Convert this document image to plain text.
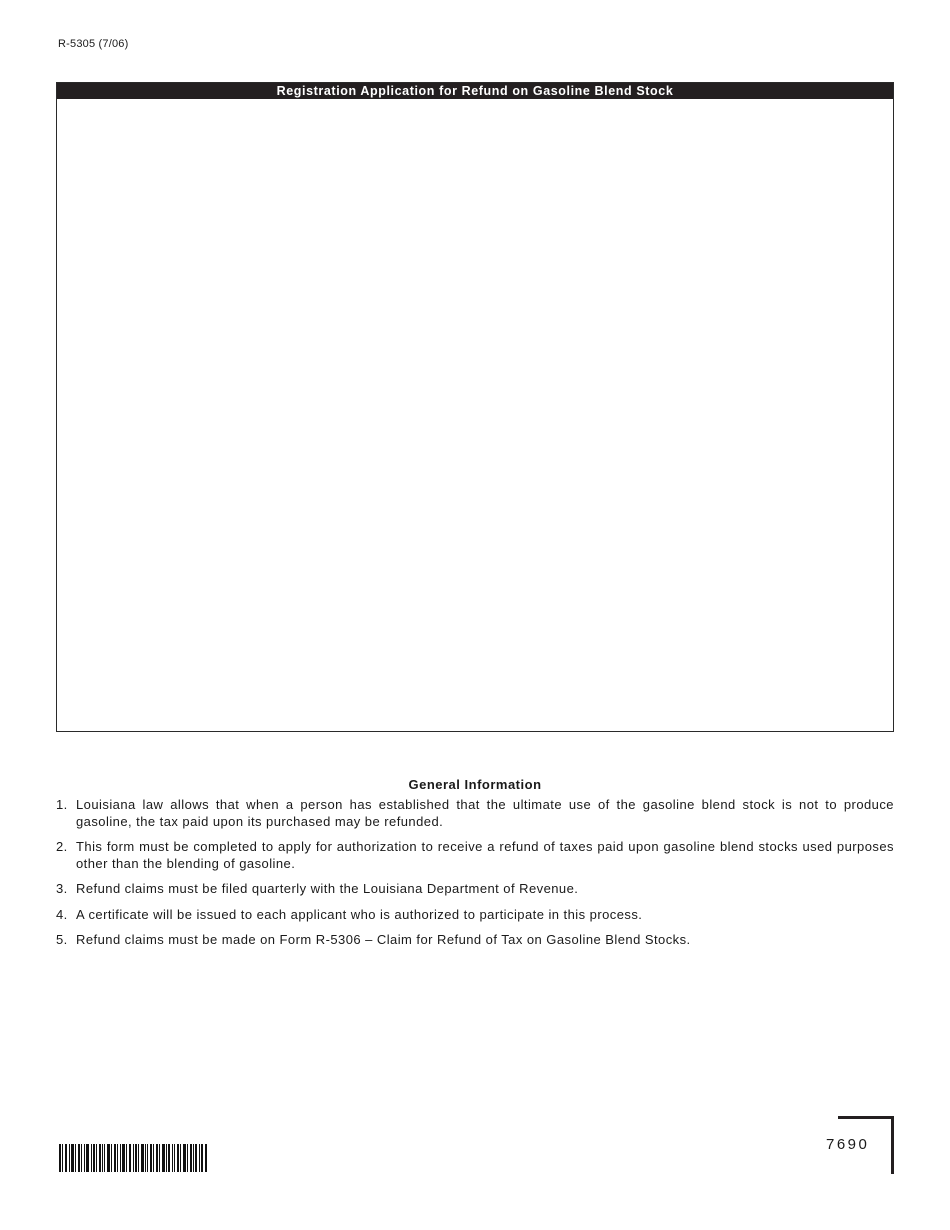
R-5305 (7/06)
Registration Application for Refund on Gasoline Blend Stock
General Information
1. Louisiana law allows that when a person has established that the ultimate use of the gasoline blend stock is not to produce gasoline, the tax paid upon its purchased may be refunded.
2. This form must be completed to apply for authorization to receive a refund of taxes paid upon gasoline blend stocks used purposes other than the blending of gasoline.
3. Refund claims must be filed quarterly with the Louisiana Department of Revenue.
4. A certificate will be issued to each applicant who is authorized to participate in this process.
5. Refund claims must be made on Form R-5306 – Claim for Refund of Tax on Gasoline Blend Stocks.
7690
